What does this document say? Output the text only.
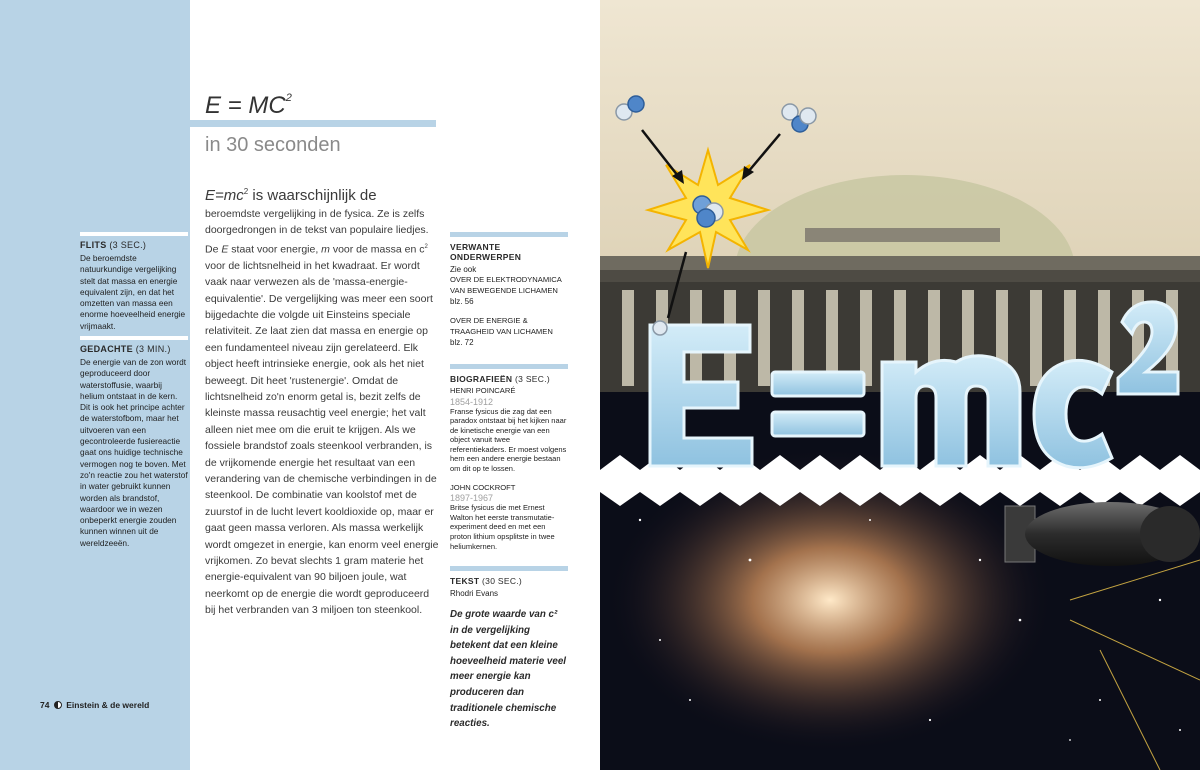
FLITS (3 SEC.)
De beroemdste natuurkundige vergelijking stelt dat massa en energie equivalent zijn, en dat het omzetten van massa een enorme hoeveelheid energie vrijmaakt.
GEDACHTE (3 MIN.)
De energie van de zon wordt geproduceerd door waterstoffusie, waarbij helium ontstaat in de kern. Dit is ook het principe achter de waterstofbom, maar het uitvoeren van een gecontroleerde fusiereactie gaat ons huidige technische vermogen nog te boven. Met zo'n reactie zou het waterstof in water gebruikt kunnen worden als brandstof, waardoor we in wezen onbeperkt energie zouden kunnen winnen uit de wereldzeeën.
74 Einstein & de wereld
$E = MC^2$
in 30 seconden
$E=mc^2$ is waarschijnlijk de
beroemdste vergelijking in de fysica. Ze is zelfs doorgedrongen in de tekst van populaire liedjes. De E staat voor energie, m voor de massa en $c^2$ voor de lichtsnelheid in het kwadraat. Er wordt vaak naar verwezen als de 'massa-energie-equivalentie'. De vergelijking was meer een soort bijgedachte die volgde uit Einsteins speciale relativiteit. Ze laat zien dat massa en energie op een fundamenteel niveau zijn gerelateerd. Elk object heeft intrinsieke energie, ook als het niet beweegt. Dit heet 'rustenergie'. Omdat de lichtsnelheid zo'n enorm getal is, bezit zelfs de kleinste massa reusachtig veel energie; het valt alleen niet mee om die eruit te krijgen. Als we fossiele brandstof zoals steenkool verbranden, is de vrijkomende energie het resultaat van een verandering van de chemische verbindingen in de steenkool. De combinatie van koolstof met de zuurstof in de lucht levert kooldioxide op, maar er gaat geen massa verloren. Als massa werkelijk wordt omgezet in energie, kan enorm veel energie vrijkomen. Zo bevat slechts 1 gram materie het energie-equivalent van 90 biljoen joule, wat neerkomt op de energie die wordt geproduceerd bij het verbranden van 3 miljoen ton steenkool.
VERWANTE ONDERWERPEN
Zie ook
OVER DE ELEKTRODYNAMICA VAN BEWEGENDE LICHAMEN
blz. 56
OVER DE ENERGIE & TRAAGHEID VAN LICHAMEN
blz. 72
BIOGRAFIEËN (3 SEC.)
HENRI POINCARÉ
1854-1912
Franse fysicus die zag dat een paradox ontstaat bij het kijken naar de kinetische energie van een object vanuit twee referentiekaders. Er moest volgens hem een andere energie bestaan om dit op te lossen.
JOHN COCKROFT
1897-1967
Britse fysicus die met Ernest Walton het eerste transmutatie-experiment deed en met een proton lithium opsplitste in twee heliumkernen.
TEKST (30 SEC.)
Rhodri Evans
De grote waarde van c² in de vergelijking betekent dat een kleine hoeveelheid materie veel meer energie kan produceren dan traditionele chemische reacties.
